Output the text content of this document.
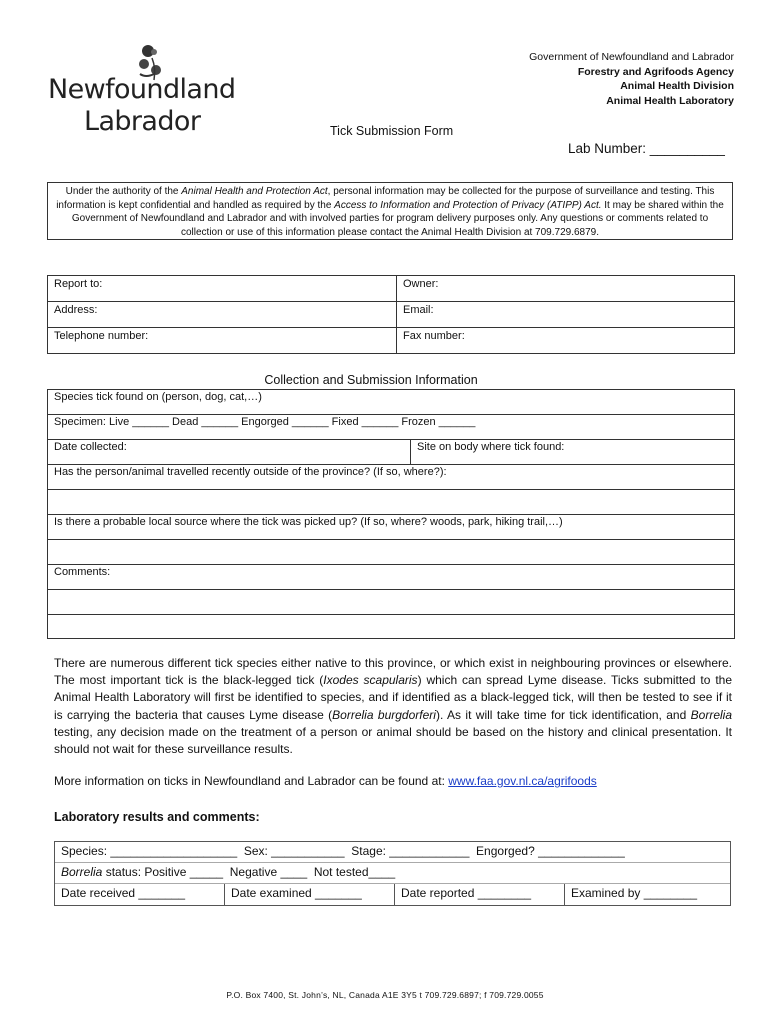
Newfoundland
Labrador
Government of Newfoundland and Labrador
Forestry and Agrifoods Agency
Animal Health Division
Animal Health Laboratory
Tick Submission Form
Lab Number: __________
Under the authority of the Animal Health and Protection Act, personal information may be collected for the purpose of surveillance and testing. This information is kept confidential and handled as required by the Access to Information and Protection of Privacy (ATIPP) Act. It may be shared within the Government of Newfoundland and Labrador and with involved parties for program delivery purposes only. Any questions or comments related to collection or use of this information please contact the Animal Health Division at 709.729.6879.
Report to:	Owner:
Address:	Email:
Telephone number:	Fax number:
Collection and Submission Information
Species tick found on (person, dog, cat,…)
Specimen: Live ______ Dead ______ Engorged ______ Fixed ______ Frozen ______
Date collected:	Site on body where tick found:
Has the person/animal travelled recently outside of the province? (If so, where?):
Is there a probable local source where the tick was picked up? (If so, where? woods, park, hiking trail,…)
Comments:
There are numerous different tick species either native to this province, or which exist in neighbouring provinces or elsewhere. The most important tick is the black-legged tick (Ixodes scapularis) which can spread Lyme disease. Ticks submitted to the Animal Health Laboratory will first be identified to species, and if identified as a black-legged tick, will then be tested to see if it is carrying the bacteria that causes Lyme disease (Borrelia burgdorferi). As it will take time for tick identification, and Borrelia testing, any decision made on the treatment of a person or animal should be based on the history and clinical presentation. It should not wait for these surveillance results.
More information on ticks in Newfoundland and Labrador can be found at: www.faa.gov.nl.ca/agrifoods
Laboratory results and comments:
Species: ___________________  Sex: ___________  Stage: ____________  Engorged? _____________
Borrelia status: Positive _____  Negative ____  Not tested____
Date received _______	Date examined _______	Date reported ________	Examined by ________
P.O. Box 7400, St. John’s, NL, Canada A1E 3Y5 t 709.729.6897; f 709.729.0055
